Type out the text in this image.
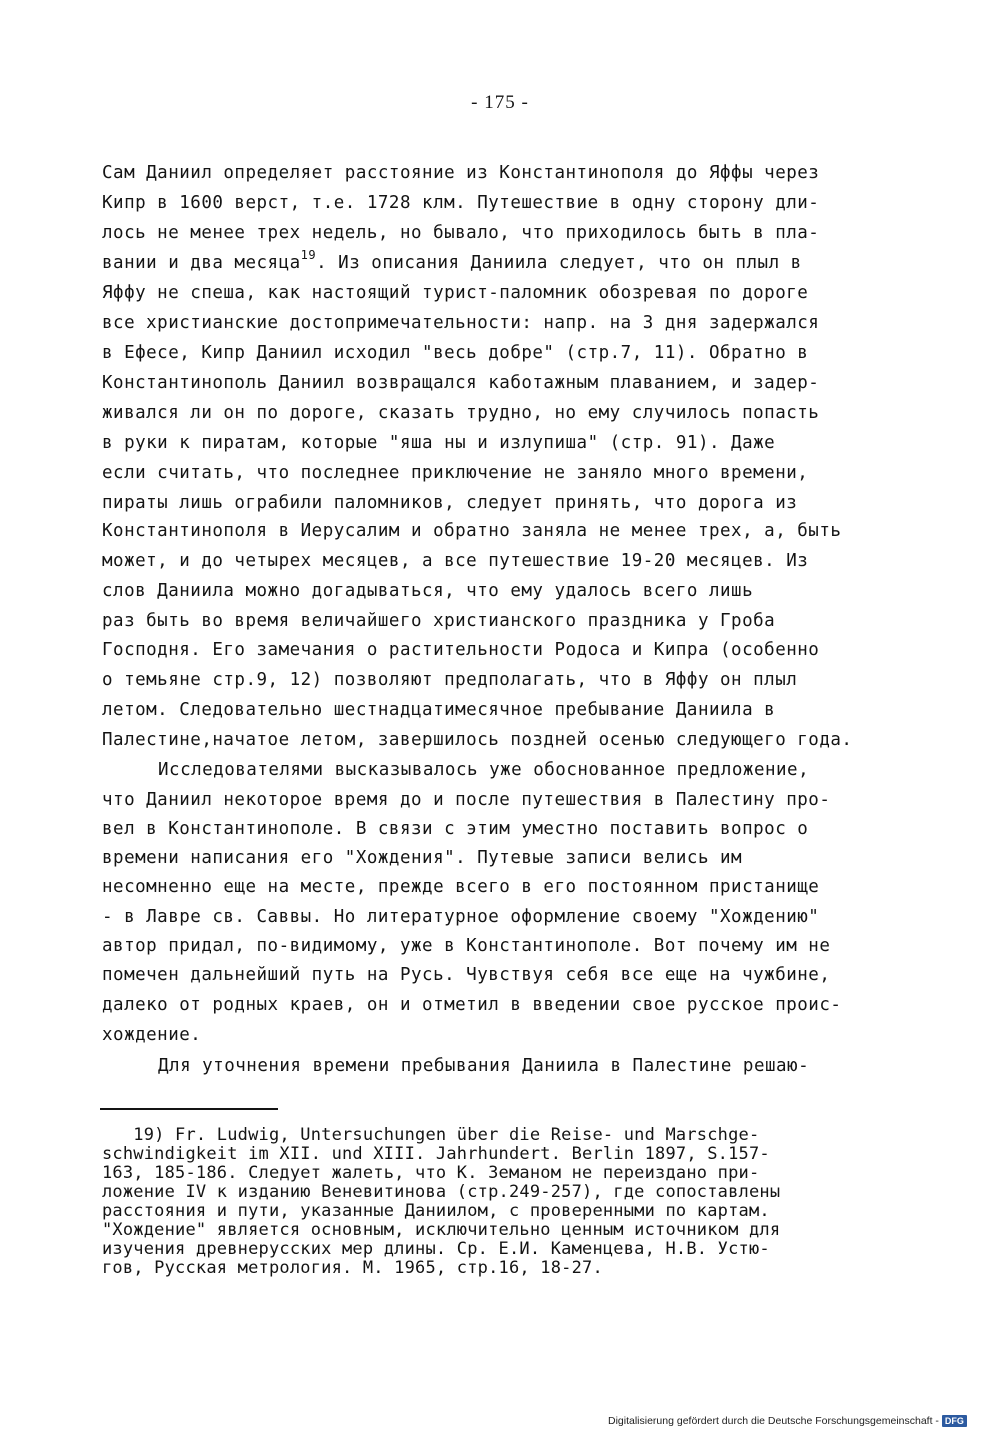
- 175 -
Сам Даниил определяет расстояние из Константинополя до Яффы через
Кипр в 1600 верст, т.е. 1728 клм. Путешествие в одну сторону дли-
лось не менее трех недель, но бывало, что приходилось быть в пла-
вании и два месяца$^{19}$. Из описания Даниила следует, что он плыл в
Яффу не спеша, как настоящий турист-паломник обозревая по дороге
все христианские достопримечательности: напр. на 3 дня задержался
в Ефесе, Кипр Даниил исходил "весь добре" (стр.7, 11). Обратно в
Константинополь Даниил возвращался каботажным плаванием, и задер-
живался ли он по дороге, сказать трудно, но ему случилось попасть
в руки к пиратам, которые "яша ны и излупиша" (стр. 91). Даже
если считать, что последнее приключение не заняло много времени,
пираты лишь ограбили паломников, следует принять, что дорога из
Константинополя в Иерусалим и обратно заняла не менее трех, а, быть
может, и до четырех месяцев, а все путешествие 19-20 месяцев. Из
слов Даниила можно догадываться, что ему удалось всего лишь
раз быть во время величайшего христианского праздника у Гроба
Господня. Его замечания о растительности Родоса и Кипра (особенно
о темьяне стр.9, 12) позволяют предполагать, что в Яффу он плыл
летом. Следовательно шестнадцатимесячное пребывание Даниила в
Палестине,начатое летом, завершилось поздней осенью следующего года.
Исследователями высказывалось уже обоснованное предложение,
что Даниил некоторое время до и после путешествия в Палестину про-
вел в Константинополе. В связи с этим уместно поставить вопрос о
времени написания его "Хождения". Путевые записи велись им
несомненно еще на месте, прежде всего в его постоянном пристанище
- в Лавре св. Саввы. Но литературное оформление своему "Хождению"
автор придал, по-видимому, уже в Константинополе. Вот почему им не
помечен дальнейший путь на Русь. Чувствуя себя все еще на чужбине,
далеко от родных краев, он и отметил в введении свое русское проис-
хождение.
Для уточнения времени пребывания Даниила в Палестине решаю-
19) Fr. Ludwig, Untersuchungen über die Reise- und Marschge-
schwindigkeit im XII. und XIII. Jahrhundert. Berlin 1897, S.157-
163, 185-186. Следует жалеть, что К. Земаном не переиздано при-
ложение IV к изданию Веневитинова (стр.249-257), где сопоставлены
расстояния и пути, указанные Даниилом, с проверенными по картам.
"Хождение" является основным, исключительно ценным источником для
изучения древнерусских мер длины. Ср. Е.И. Каменцева, Н.В. Устю-
гов, Русская метрология. М. 1965, стр.16, 18-27.
Digitalisierung gefördert durch die Deutsche Forschungsgemeinschaft - DFG
